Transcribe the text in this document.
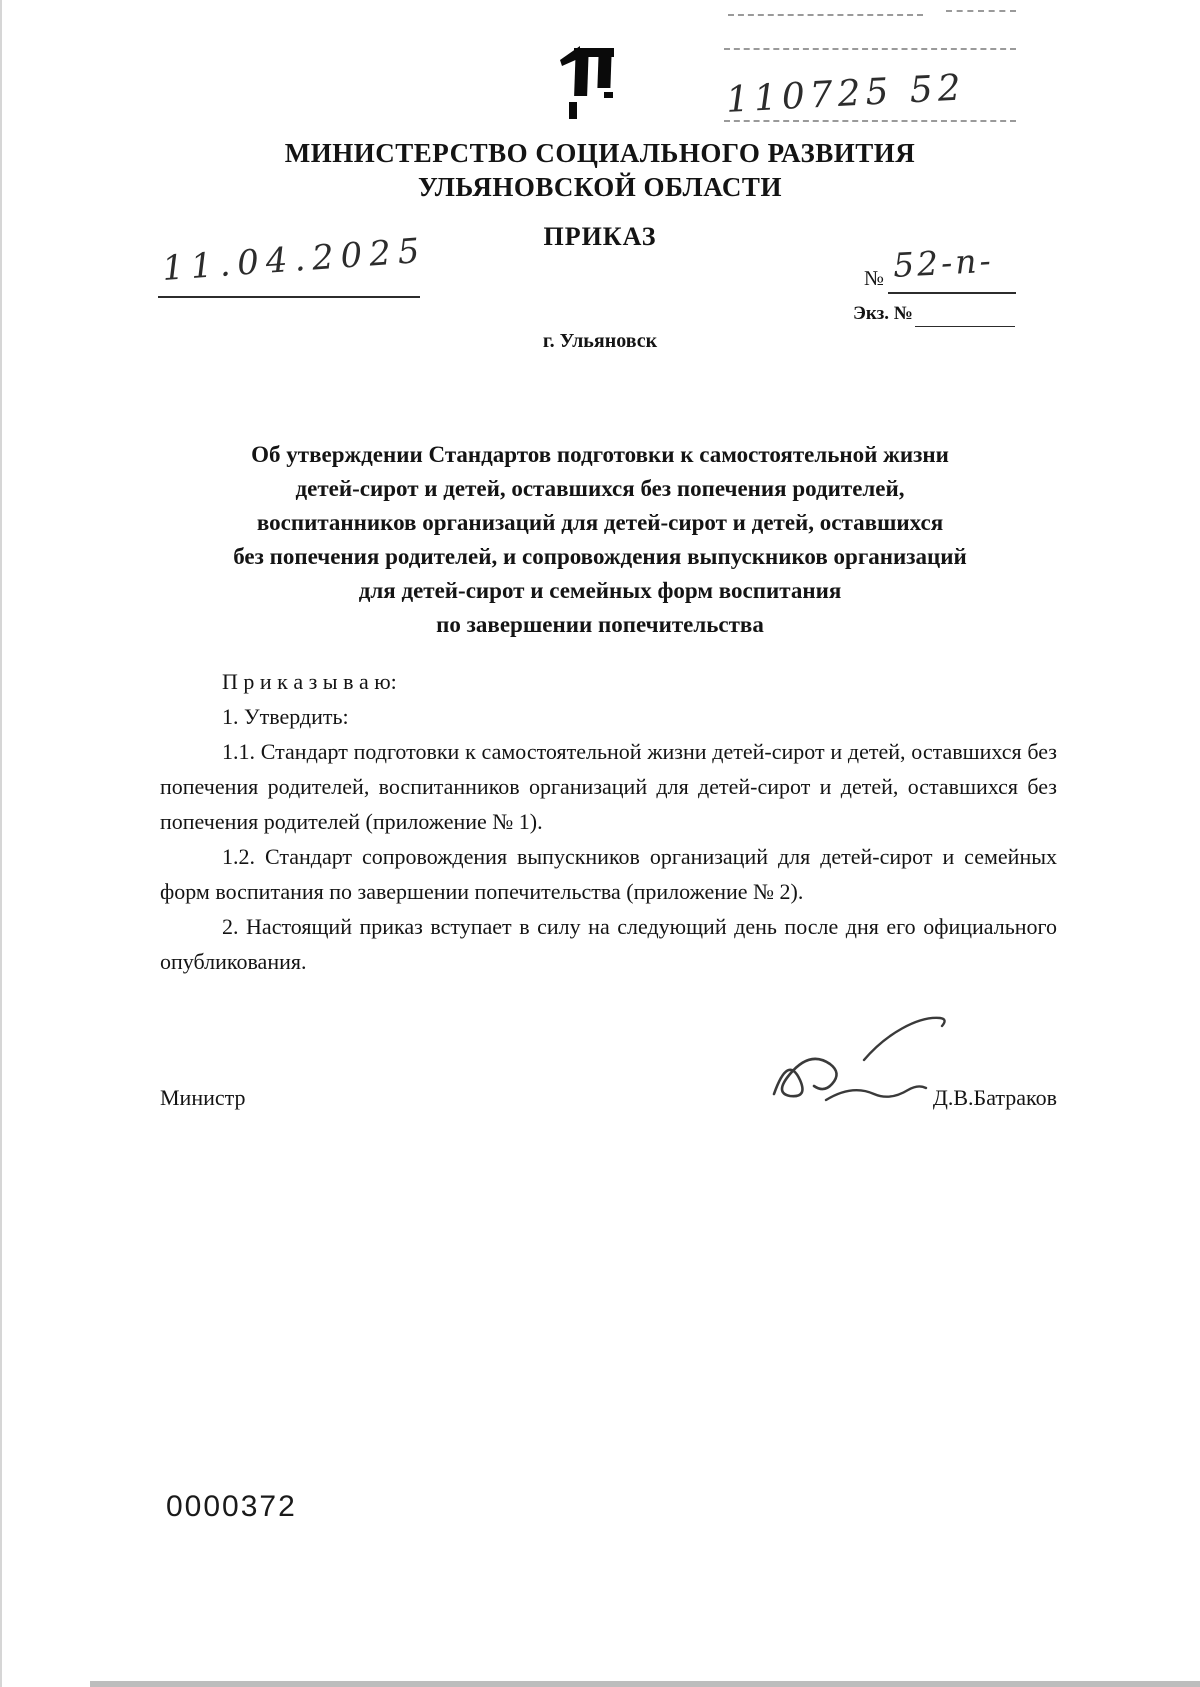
110725 52
МИНИСТЕРСТВО СОЦИАЛЬНОГО РАЗВИТИЯ
УЛЬЯНОВСКОЙ ОБЛАСТИ
ПРИКАЗ
11.04.2025	№ 52-п-
Экз. №
г. Ульяновск
Об утверждении Стандартов подготовки к самостоятельной жизни
детей-сирот и детей, оставшихся без попечения родителей,
воспитанников организаций для детей-сирот и детей, оставшихся
без попечения родителей, и сопровождения выпускников организаций
для детей-сирот и семейных форм воспитания
по завершении попечительства

П р и к а з ы в а ю:

1. Утвердить:

1.1. Стандарт подготовки к самостоятельной жизни детей-сирот и детей, оставшихся без попечения родителей, воспитанников организаций для детей-сирот и детей, оставшихся без попечения родителей (приложение № 1).

1.2. Стандарт сопровождения выпускников организаций для детей-сирот и семейных форм воспитания по завершении попечительства (приложение № 2).

2. Настоящий приказ вступает в силу на следующий день после дня его официального опубликования.

Министр	Д.В.Батраков
0000372
